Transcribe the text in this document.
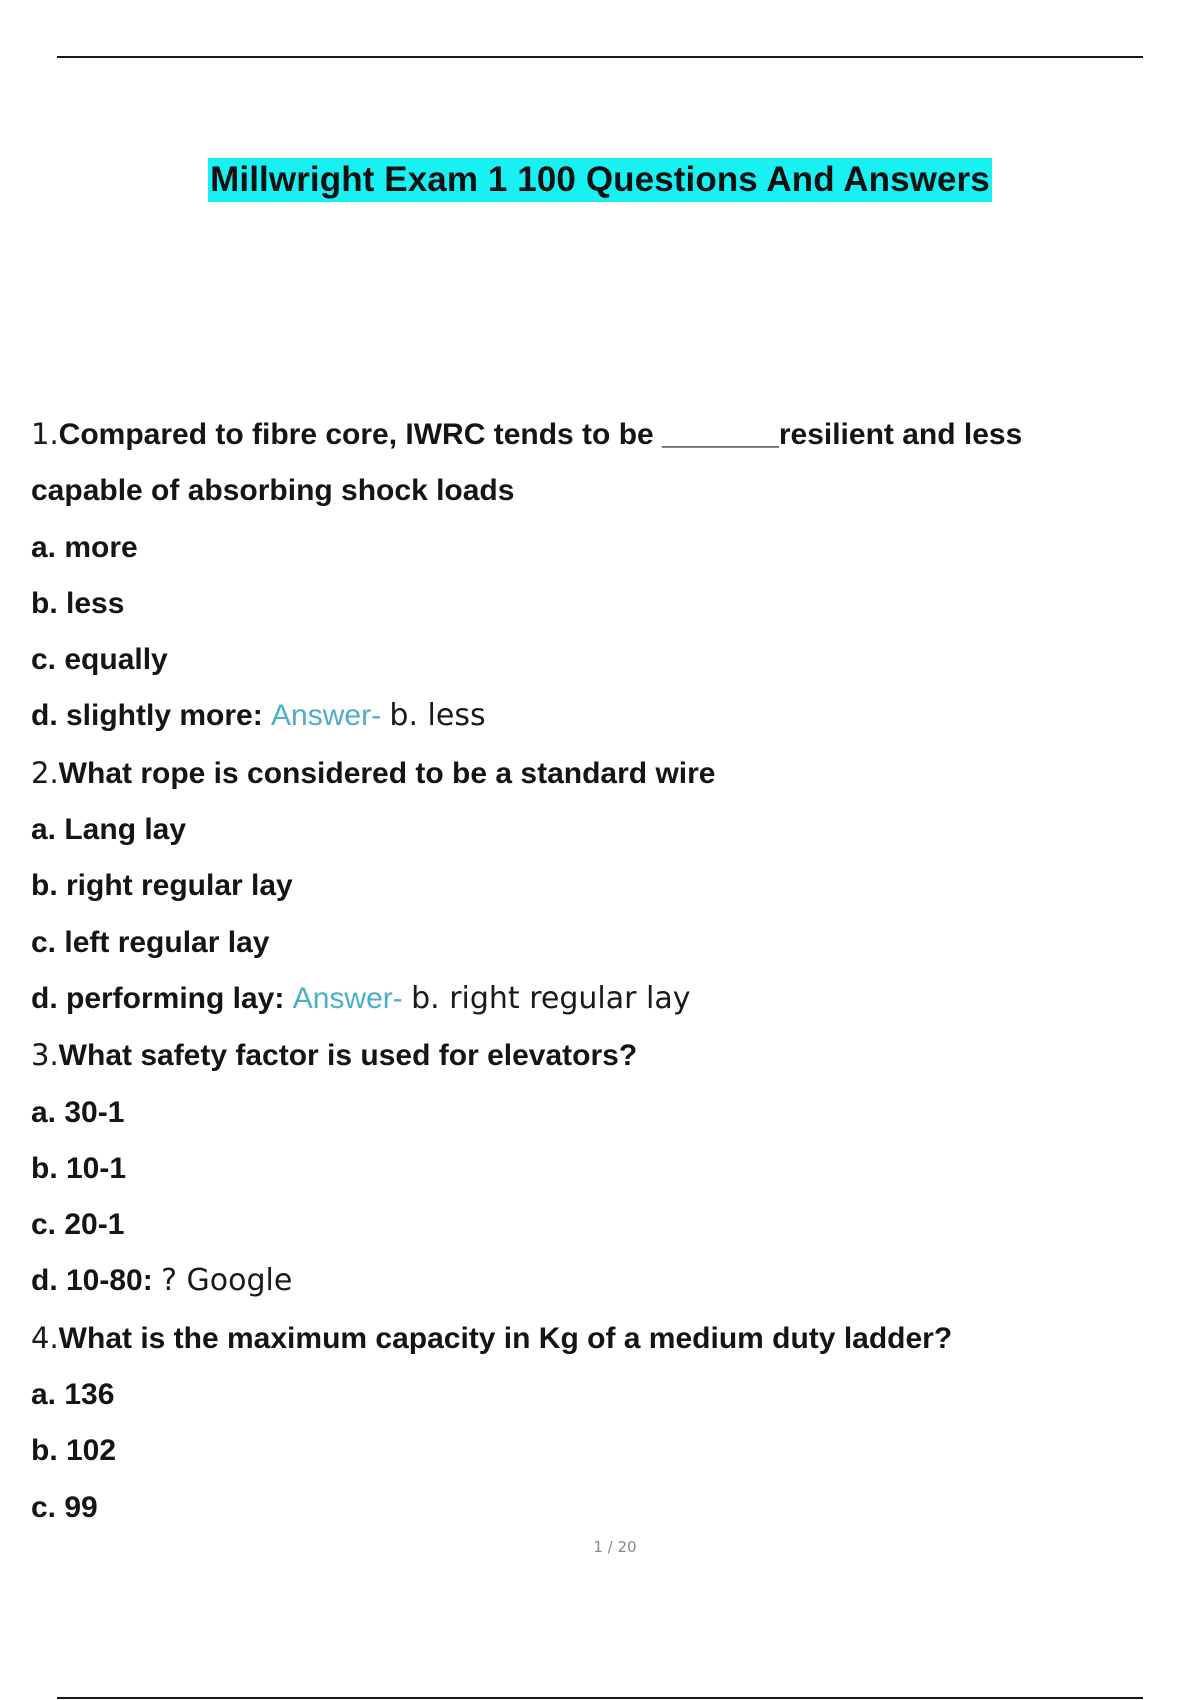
Millwright Exam 1 100 Questions And Answers
1.Compared to fibre core, IWRC tends to be _______resilient and less
capable of absorbing shock loads
a. more
b. less
c. equally
d. slightly more: Answer- b. less
2.What rope is considered to be a standard wire
a. Lang lay
b. right regular lay
c. left regular lay
d. performing lay: Answer- b. right regular lay
3.What safety factor is used for elevators?
a. 30-1
b. 10-1
c. 20-1
d. 10-80: ? Google
4.What is the maximum capacity in Kg of a medium duty ladder?
a. 136
b. 102
c. 99
1 / 20
